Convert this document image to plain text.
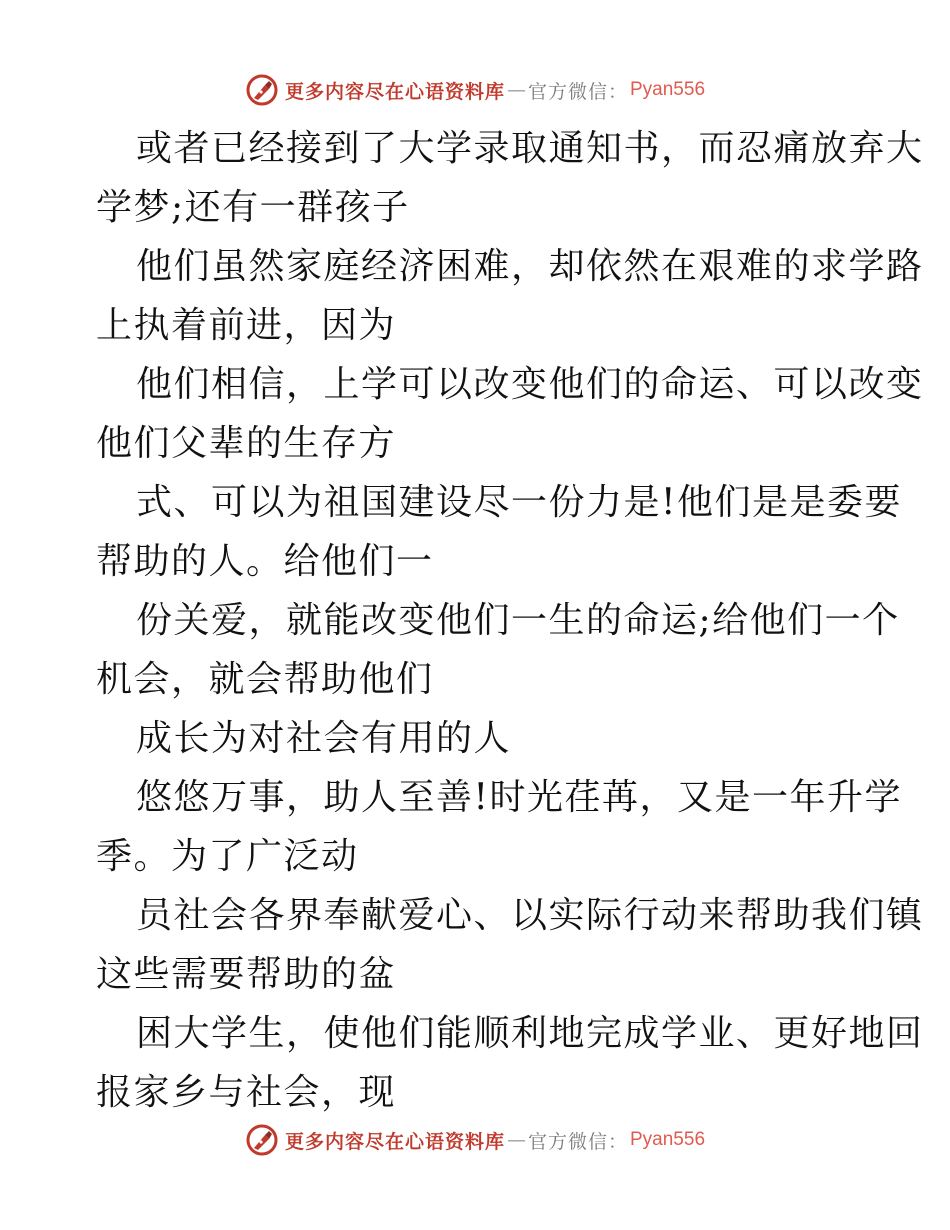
更多内容尽在心语资料库 — 官方微信： Pyan556
或者已经接到了大学录取通知书，而忍痛放弃大
学梦;还有一群孩子
他们虽然家庭经济困难，却依然在艰难的求学路
上执着前进，因为
他们相信，上学可以改变他们的命运、可以改变
他们父辈的生存方
式、可以为祖国建设尽一份力是!他们是是委要
帮助的人。给他们一
份关爱，就能改变他们一生的命运;给他们一个
机会，就会帮助他们
成长为对社会有用的人
悠悠万事，助人至善!时光荏苒，又是一年升学
季。为了广泛动
员社会各界奉献爱心、以实际行动来帮助我们镇
这些需要帮助的盆
困大学生，使他们能顺利地完成学业、更好地回
报家乡与社会，现
更多内容尽在心语资料库 — 官方微信： Pyan556
